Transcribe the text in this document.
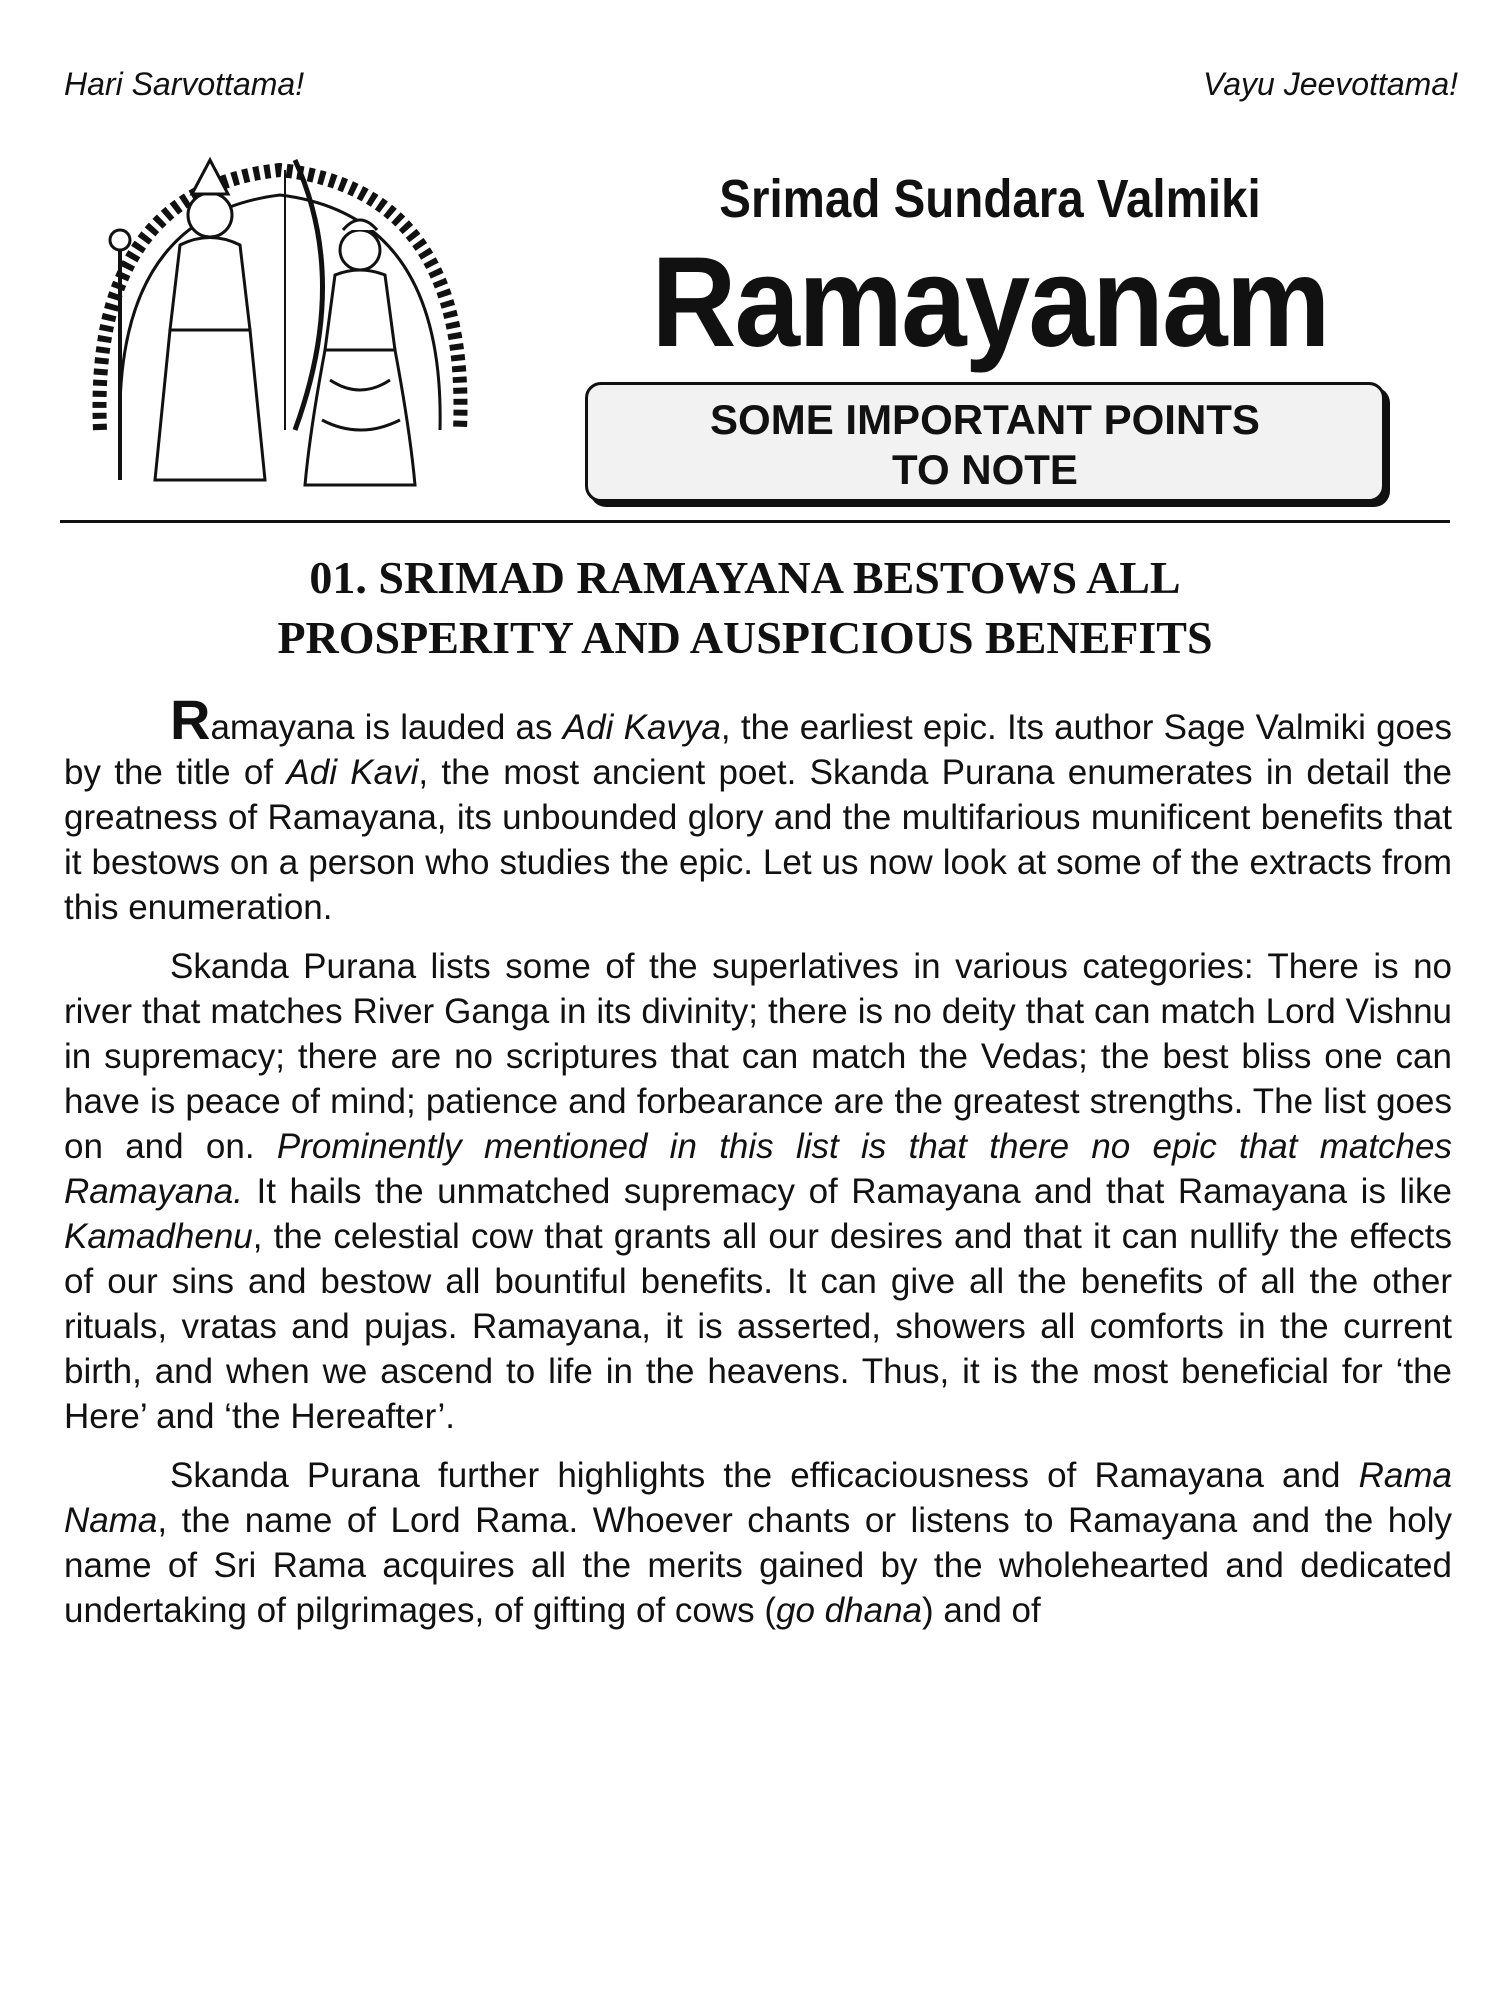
Hari Sarvottama!	Vayu Jeevottama!
Srimad Sundara Valmiki
Ramayanam
SOME IMPORTANT POINTS
TO NOTE
01. SRIMAD RAMAYANA BESTOWS ALL
PROSPERITY AND AUSPICIOUS BENEFITS

Ramayana is lauded as Adi Kavya, the earliest epic. Its author Sage Valmiki goes by the title of Adi Kavi, the most ancient poet. Skanda Purana enumerates in detail the greatness of Ramayana, its unbounded glory and the multifarious munificent benefits that it bestows on a person who studies the epic. Let us now look at some of the extracts from this enumeration.

Skanda Purana lists some of the superlatives in various categories: There is no river that matches River Ganga in its divinity; there is no deity that can match Lord Vishnu in supremacy; there are no scriptures that can match the Vedas; the best bliss one can have is peace of mind; patience and forbearance are the greatest strengths. The list goes on and on. Prominently mentioned in this list is that there no epic that matches Ramayana. It hails the unmatched supremacy of Ramayana and that Ramayana is like Kamadhenu, the celestial cow that grants all our desires and that it can nullify the effects of our sins and bestow all bountiful benefits. It can give all the benefits of all the other rituals, vratas and pujas. Ramayana, it is asserted, showers all comforts in the current birth, and when we ascend to life in the heavens. Thus, it is the most beneficial for ‘the Here’ and ‘the Hereafter’.

Skanda Purana further highlights the efficaciousness of Ramayana and Rama Nama, the name of Lord Rama. Whoever chants or listens to Ramayana and the holy name of Sri Rama acquires all the merits gained by the wholehearted and dedicated undertaking of pilgrimages, of gifting of cows (go dhana) and of
